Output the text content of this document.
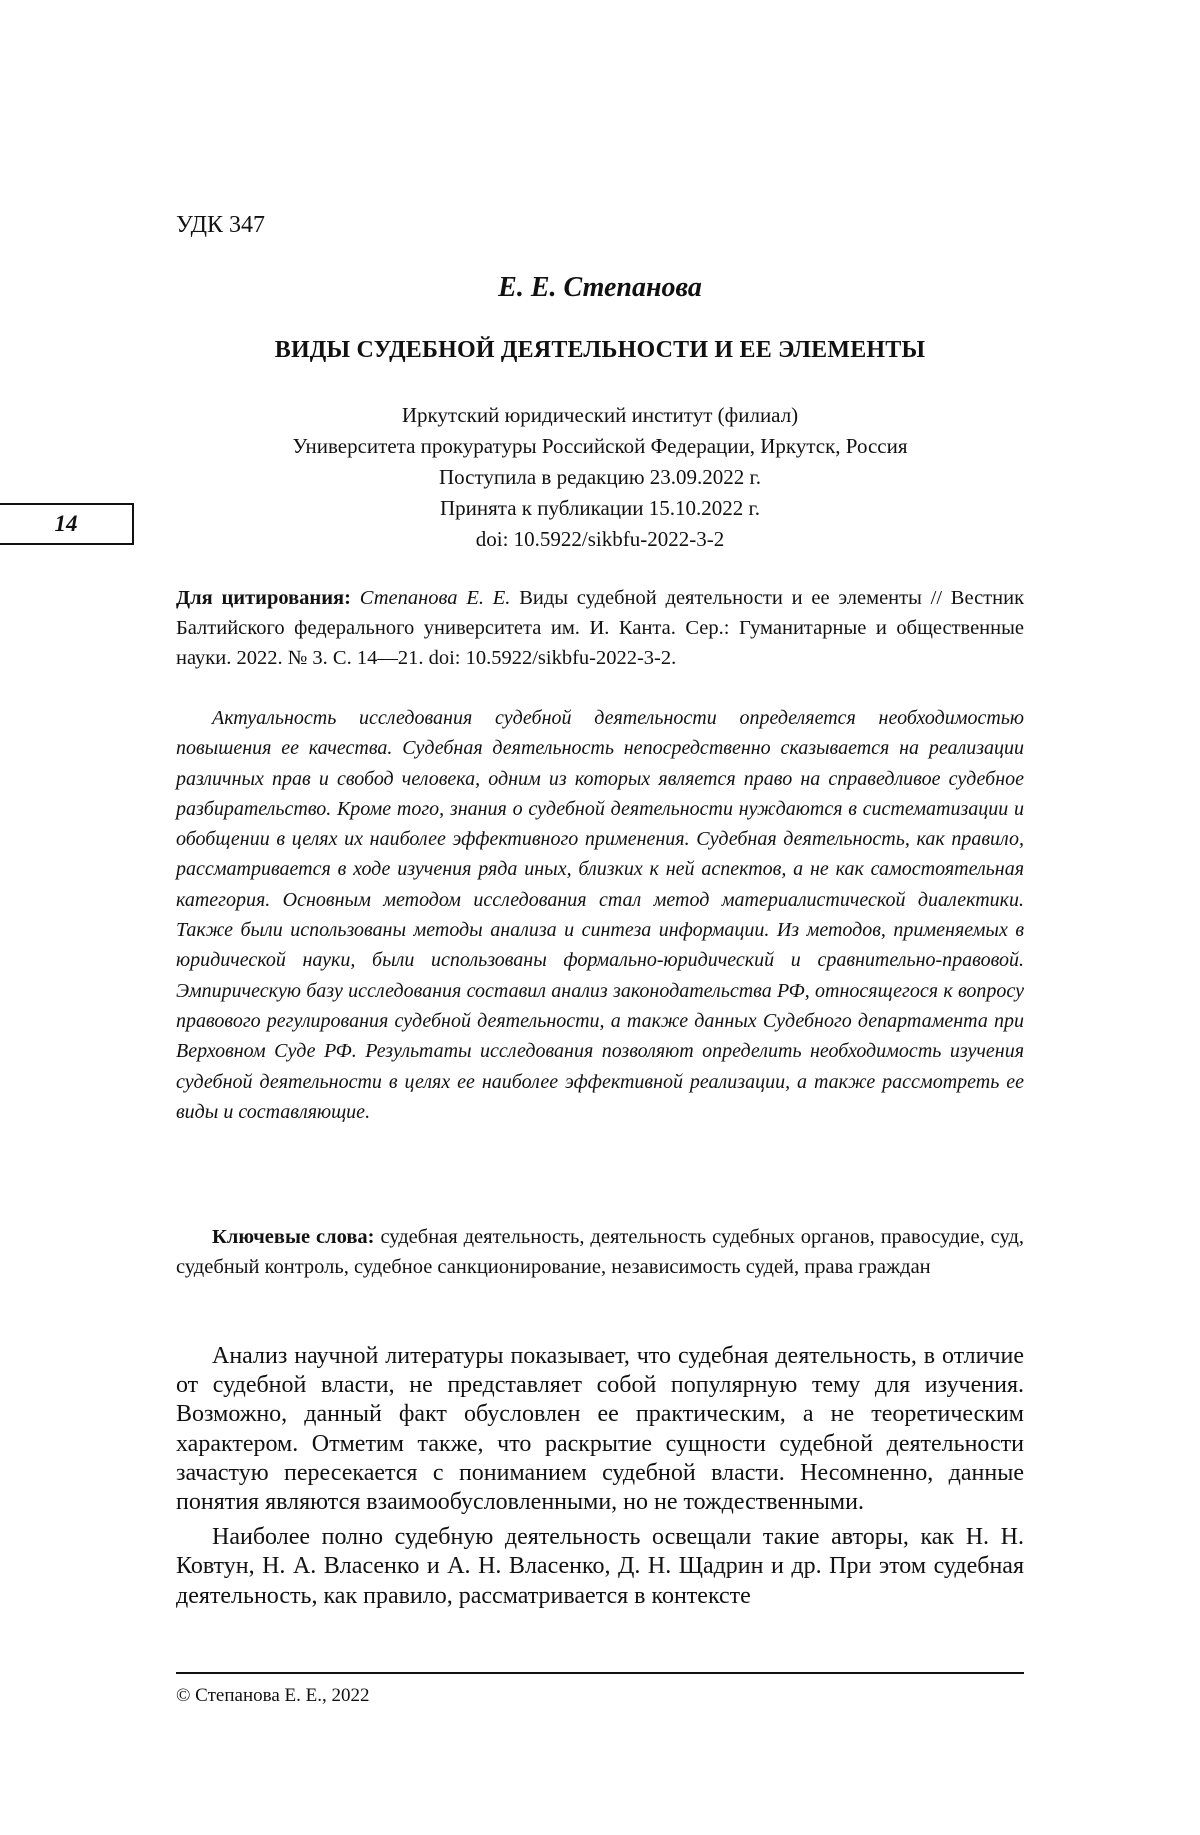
УДК 347
Е. Е. Степанова
ВИДЫ СУДЕБНОЙ ДЕЯТЕЛЬНОСТИ И ЕЕ ЭЛЕМЕНТЫ
Иркутский юридический институт (филиал)
Университета прокуратуры Российской Федерации, Иркутск, Россия
Поступила в редакцию 23.09.2022 г.
Принята к публикации 15.10.2022 г.
doi: 10.5922/sikbfu-2022-3-2
14
Для цитирования: Степанова Е. Е. Виды судебной деятельности и ее элементы // Вестник Балтийского федерального университета им. И. Канта. Сер.: Гуманитарные и общественные науки. 2022. № 3. С. 14—21. doi: 10.5922/sikbfu-2022-3-2.
Актуальность исследования судебной деятельности определяется необходимостью повышения ее качества. Судебная деятельность непосредственно сказывается на реализации различных прав и свобод человека, одним из которых является право на справедливое судебное разбирательство. Кроме того, знания о судебной деятельности нуждаются в систематизации и обобщении в целях их наиболее эффективного применения. Судебная деятельность, как правило, рассматривается в ходе изучения ряда иных, близких к ней аспектов, а не как самостоятельная категория. Основным методом исследования стал метод материалистической диалектики. Также были использованы методы анализа и синтеза информации. Из методов, применяемых в юридической науки, были использованы формально-юридический и сравнительно-правовой. Эмпирическую базу исследования составил анализ законодательства РФ, относящегося к вопросу правового регулирования судебной деятельности, а также данных Судебного департамента при Верховном Суде РФ. Результаты исследования позволяют определить необходимость изучения судебной деятельности в целях ее наиболее эффективной реализации, а также рассмотреть ее виды и составляющие.
Ключевые слова: судебная деятельность, деятельность судебных органов, правосудие, суд, судебный контроль, судебное санкционирование, независимость судей, права граждан

Анализ научной литературы показывает, что судебная деятельность, в отличие от судебной власти, не представляет собой популярную тему для изучения. Возможно, данный факт обусловлен ее практическим, а не теоретическим характером. Отметим также, что раскрытие сущности судебной деятельности зачастую пересекается с пониманием судебной власти. Несомненно, данные понятия являются взаимообусловленными, но не тождественными.

Наиболее полно судебную деятельность освещали такие авторы, как Н. Н. Ковтун, Н. А. Власенко и А. Н. Власенко, Д. Н. Щадрин и др. При этом судебная деятельность, как правило, рассматривается в контексте

© Степанова Е. Е., 2022
